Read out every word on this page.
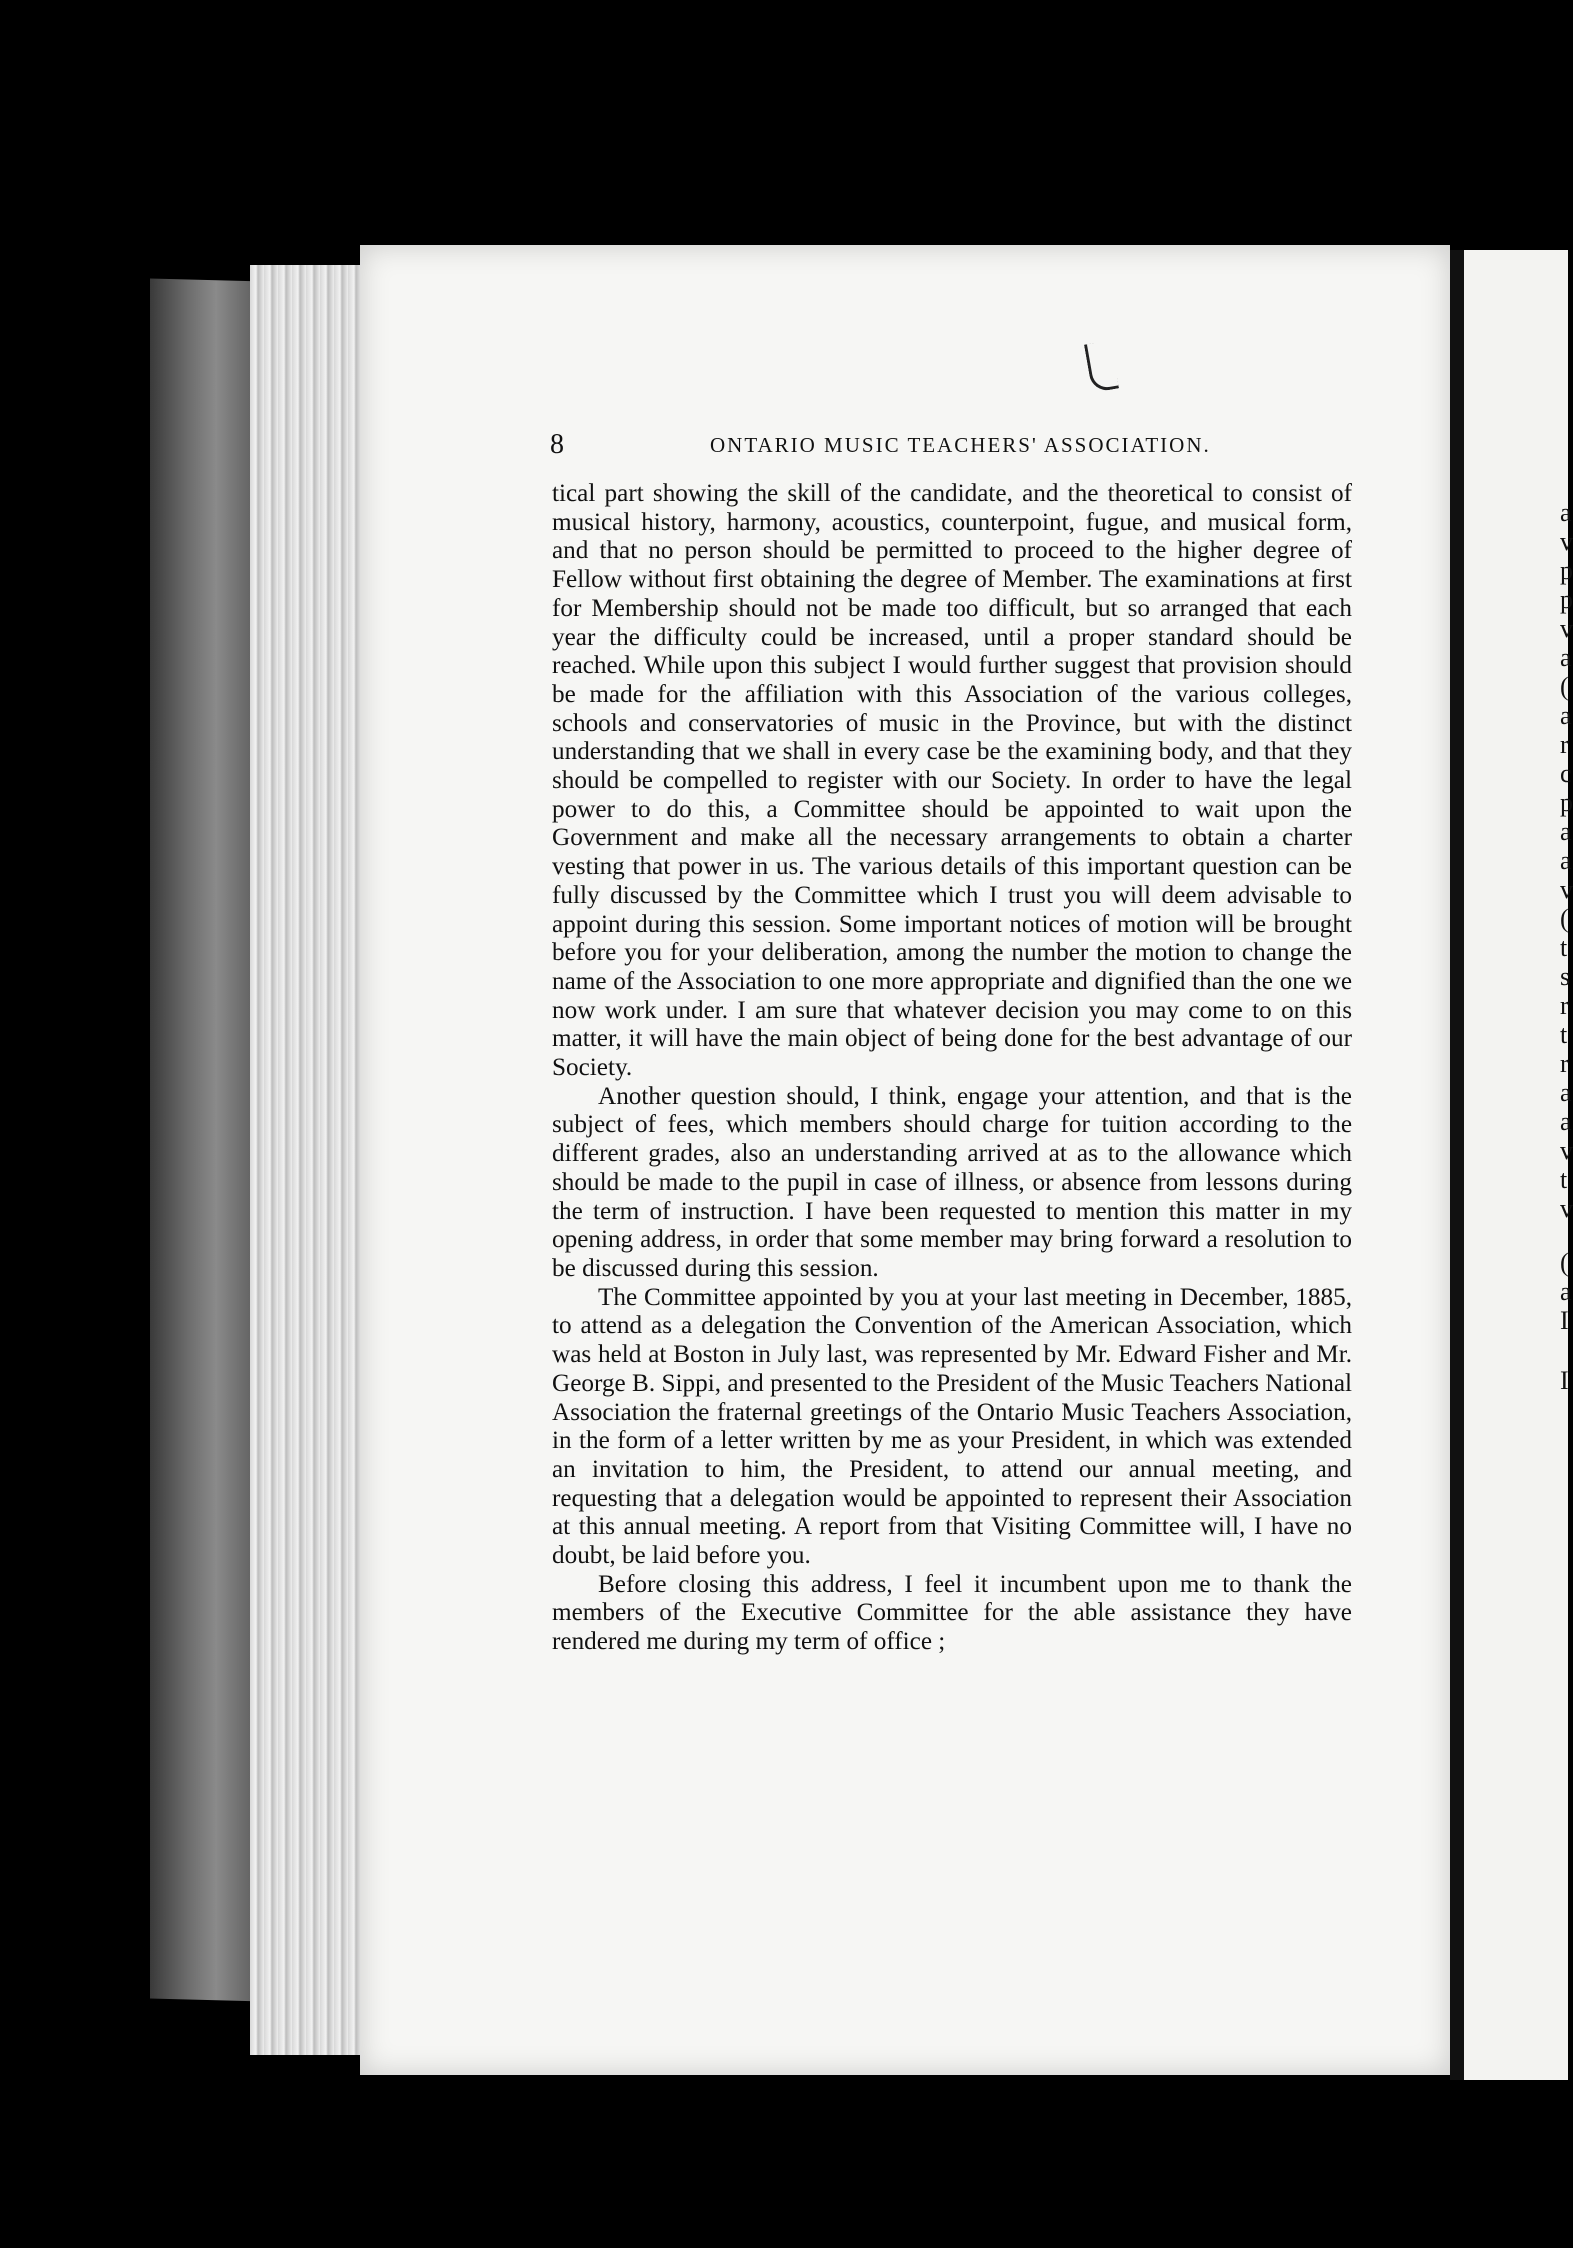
a
v
p
p
v
a
(
a
r
c
p
a
a
v
(
t
s
r
t
r
a
a
v
t
v
(
a
I
I
8	ONTARIO MUSIC TEACHERS' ASSOCIATION.

tical part showing the skill of the candidate, and the theoretical to consist of musical history, harmony, acoustics, counterpoint, fugue, and musical form, and that no person should be permitted to proceed to the higher degree of Fellow without first obtaining the degree of Member. The examinations at first for Membership should not be made too difficult, but so arranged that each year the difficulty could be increased, until a proper standard should be reached. While upon this subject I would further suggest that provision should be made for the affiliation with this Association of the various colleges, schools and conservatories of music in the Province, but with the distinct understanding that we shall in every case be the examining body, and that they should be compelled to register with our Society. In order to have the legal power to do this, a Committee should be appointed to wait upon the Government and make all the necessary arrangements to obtain a charter vesting that power in us. The various details of this important question can be fully discussed by the Committee which I trust you will deem advisable to appoint during this session. Some important notices of motion will be brought before you for your deliberation, among the number the motion to change the name of the Association to one more appropriate and dignified than the one we now work under. I am sure that whatever decision you may come to on this matter, it will have the main object of being done for the best advantage of our Society.

Another question should, I think, engage your attention, and that is the subject of fees, which members should charge for tuition according to the different grades, also an understanding arrived at as to the allowance which should be made to the pupil in case of illness, or absence from lessons during the term of instruction. I have been requested to mention this matter in my opening address, in order that some member may bring forward a resolution to be discussed during this session.

The Committee appointed by you at your last meeting in December, 1885, to attend as a delegation the Convention of the American Association, which was held at Boston in July last, was represented by Mr. Edward Fisher and Mr. George B. Sippi, and presented to the President of the Music Teachers National Association the fraternal greetings of the Ontario Music Teachers Association, in the form of a letter written by me as your President, in which was extended an invitation to him, the President, to attend our annual meeting, and requesting that a delegation would be appointed to represent their Association at this annual meeting. A report from that Visiting Committee will, I have no doubt, be laid before you.

Before closing this address, I feel it incumbent upon me to thank the members of the Executive Committee for the able assistance they have rendered me during my term of office ;
